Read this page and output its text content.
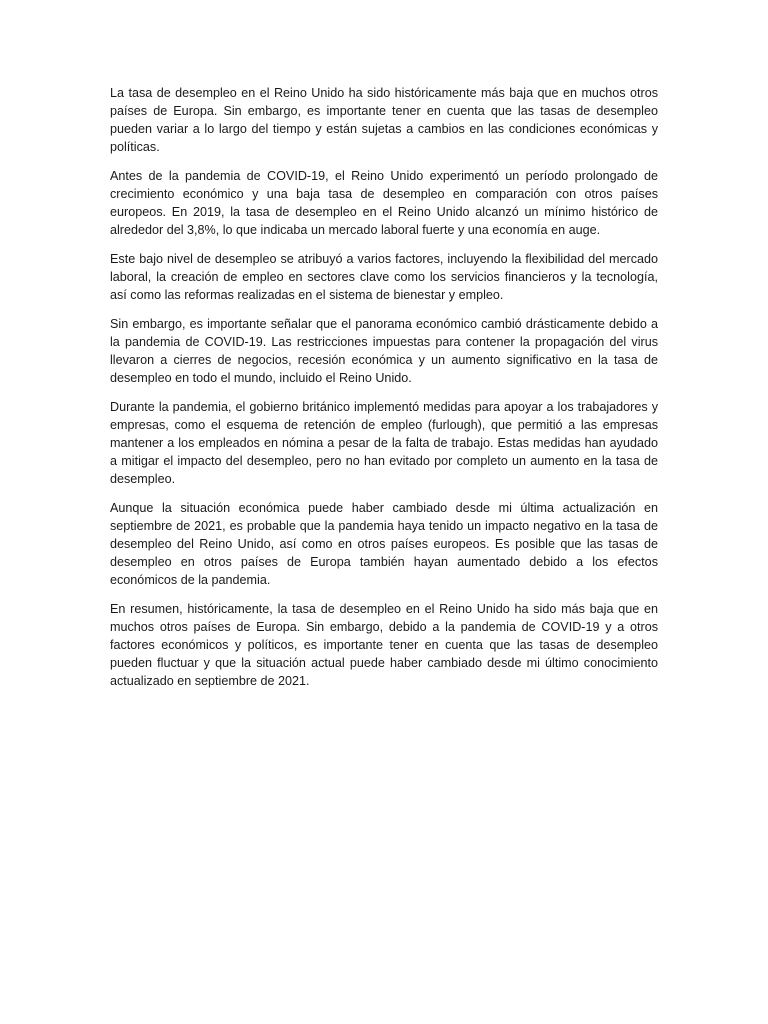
La tasa de desempleo en el Reino Unido ha sido históricamente más baja que en muchos otros países de Europa. Sin embargo, es importante tener en cuenta que las tasas de desempleo pueden variar a lo largo del tiempo y están sujetas a cambios en las condiciones económicas y políticas.

Antes de la pandemia de COVID-19, el Reino Unido experimentó un período prolongado de crecimiento económico y una baja tasa de desempleo en comparación con otros países europeos. En 2019, la tasa de desempleo en el Reino Unido alcanzó un mínimo histórico de alrededor del 3,8%, lo que indicaba un mercado laboral fuerte y una economía en auge.

Este bajo nivel de desempleo se atribuyó a varios factores, incluyendo la flexibilidad del mercado laboral, la creación de empleo en sectores clave como los servicios financieros y la tecnología, así como las reformas realizadas en el sistema de bienestar y empleo.

Sin embargo, es importante señalar que el panorama económico cambió drásticamente debido a la pandemia de COVID-19. Las restricciones impuestas para contener la propagación del virus llevaron a cierres de negocios, recesión económica y un aumento significativo en la tasa de desempleo en todo el mundo, incluido el Reino Unido.

Durante la pandemia, el gobierno británico implementó medidas para apoyar a los trabajadores y empresas, como el esquema de retención de empleo (furlough), que permitió a las empresas mantener a los empleados en nómina a pesar de la falta de trabajo. Estas medidas han ayudado a mitigar el impacto del desempleo, pero no han evitado por completo un aumento en la tasa de desempleo.

Aunque la situación económica puede haber cambiado desde mi última actualización en septiembre de 2021, es probable que la pandemia haya tenido un impacto negativo en la tasa de desempleo del Reino Unido, así como en otros países europeos. Es posible que las tasas de desempleo en otros países de Europa también hayan aumentado debido a los efectos económicos de la pandemia.

En resumen, históricamente, la tasa de desempleo en el Reino Unido ha sido más baja que en muchos otros países de Europa. Sin embargo, debido a la pandemia de COVID-19 y a otros factores económicos y políticos, es importante tener en cuenta que las tasas de desempleo pueden fluctuar y que la situación actual puede haber cambiado desde mi último conocimiento actualizado en septiembre de 2021.
